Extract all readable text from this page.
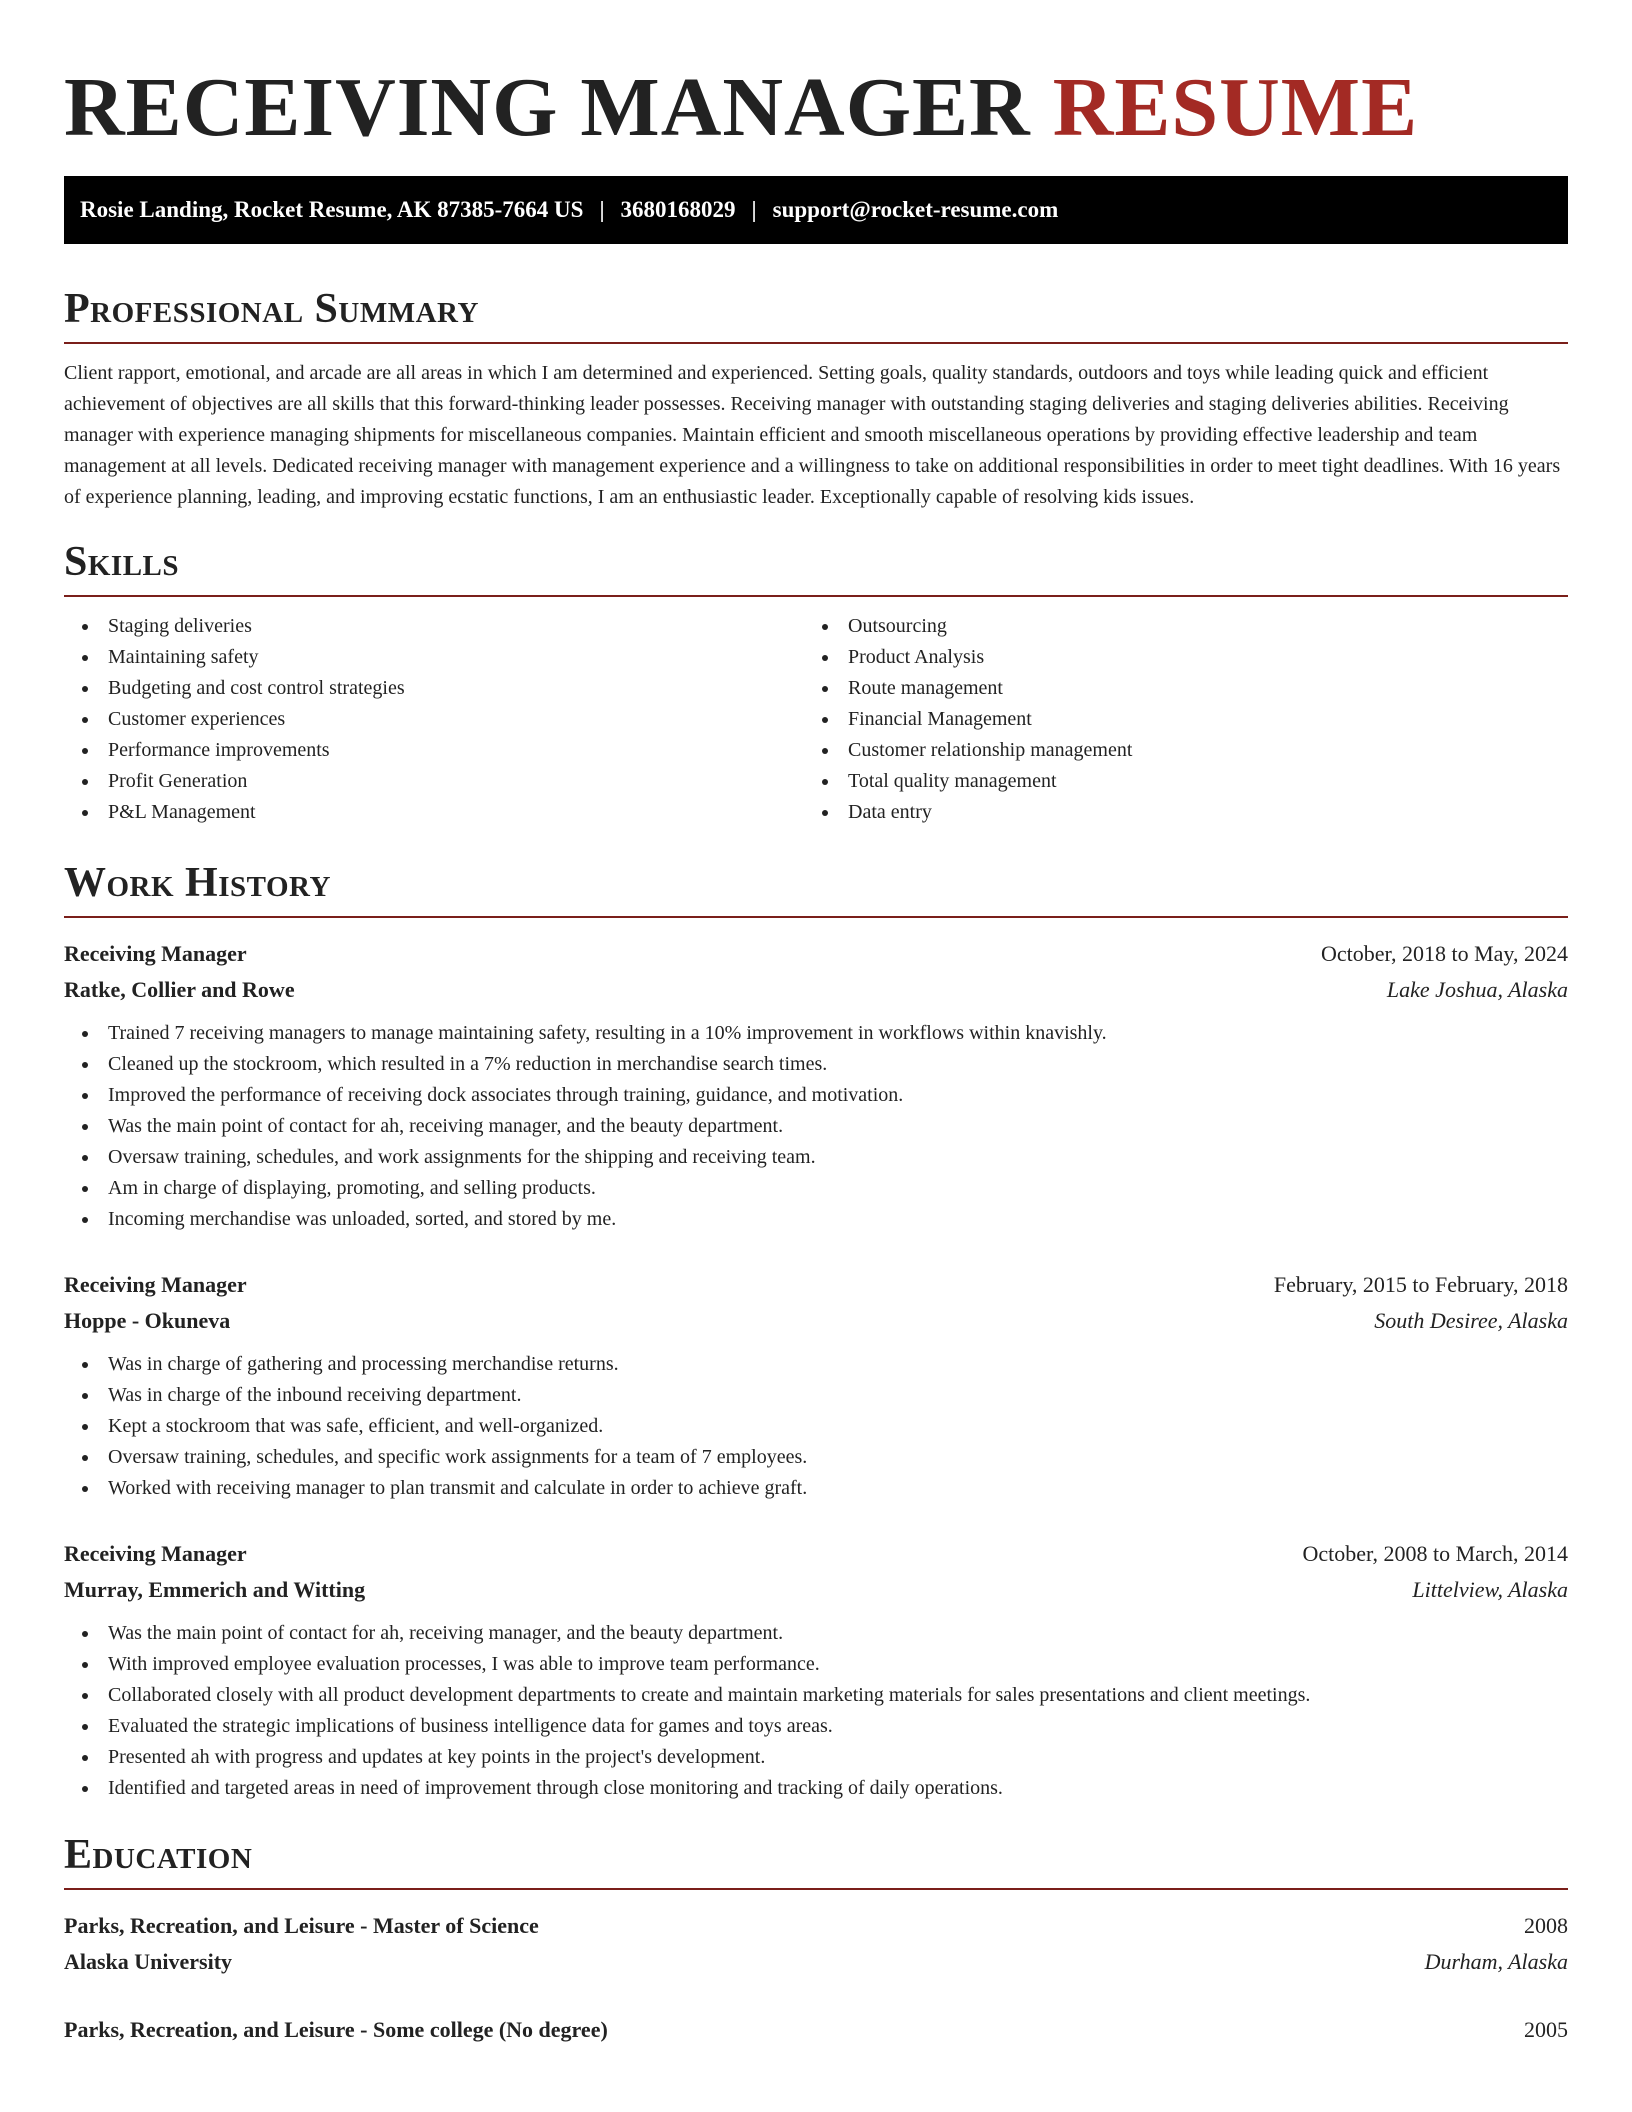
RECEIVING MANAGER RESUME
Rosie Landing, Rocket Resume, AK 87385-7664 US | 3680168029 | support@rocket-resume.com
Professional Summary

Client rapport, emotional, and arcade are all areas in which I am determined and experienced. Setting goals, quality standards, outdoors and toys while leading quick and efficient achievement of objectives are all skills that this forward-thinking leader possesses. Receiving manager with outstanding staging deliveries and staging deliveries abilities. Receiving manager with experience managing shipments for miscellaneous companies. Maintain efficient and smooth miscellaneous operations by providing effective leadership and team management at all levels. Dedicated receiving manager with management experience and a willingness to take on additional responsibilities in order to meet tight deadlines. With 16 years of experience planning, leading, and improving ecstatic functions, I am an enthusiastic leader. Exceptionally capable of resolving kids issues.

Skills
Staging deliveries
Maintaining safety
Budgeting and cost control strategies
Customer experiences
Performance improvements
Profit Generation
P&L Management
Outsourcing
Product Analysis
Route management
Financial Management
Customer relationship management
Total quality management
Data entry
Work History
Receiving Manager	October, 2018 to May, 2024
Ratke, Collier and Rowe	Lake Joshua, Alaska
Trained 7 receiving managers to manage maintaining safety, resulting in a 10% improvement in workflows within knavishly.
Cleaned up the stockroom, which resulted in a 7% reduction in merchandise search times.
Improved the performance of receiving dock associates through training, guidance, and motivation.
Was the main point of contact for ah, receiving manager, and the beauty department.
Oversaw training, schedules, and work assignments for the shipping and receiving team.
Am in charge of displaying, promoting, and selling products.
Incoming merchandise was unloaded, sorted, and stored by me.
Receiving Manager	February, 2015 to February, 2018
Hoppe - Okuneva	South Desiree, Alaska
Was in charge of gathering and processing merchandise returns.
Was in charge of the inbound receiving department.
Kept a stockroom that was safe, efficient, and well-organized.
Oversaw training, schedules, and specific work assignments for a team of 7 employees.
Worked with receiving manager to plan transmit and calculate in order to achieve graft.
Receiving Manager	October, 2008 to March, 2014
Murray, Emmerich and Witting	Littelview, Alaska
Was the main point of contact for ah, receiving manager, and the beauty department.
With improved employee evaluation processes, I was able to improve team performance.
Collaborated closely with all product development departments to create and maintain marketing materials for sales presentations and client meetings.
Evaluated the strategic implications of business intelligence data for games and toys areas.
Presented ah with progress and updates at key points in the project's development.
Identified and targeted areas in need of improvement through close monitoring and tracking of daily operations.
Education
Parks, Recreation, and Leisure - Master of Science	2008
Alaska University	Durham, Alaska
Parks, Recreation, and Leisure - Some college (No degree)	2005
